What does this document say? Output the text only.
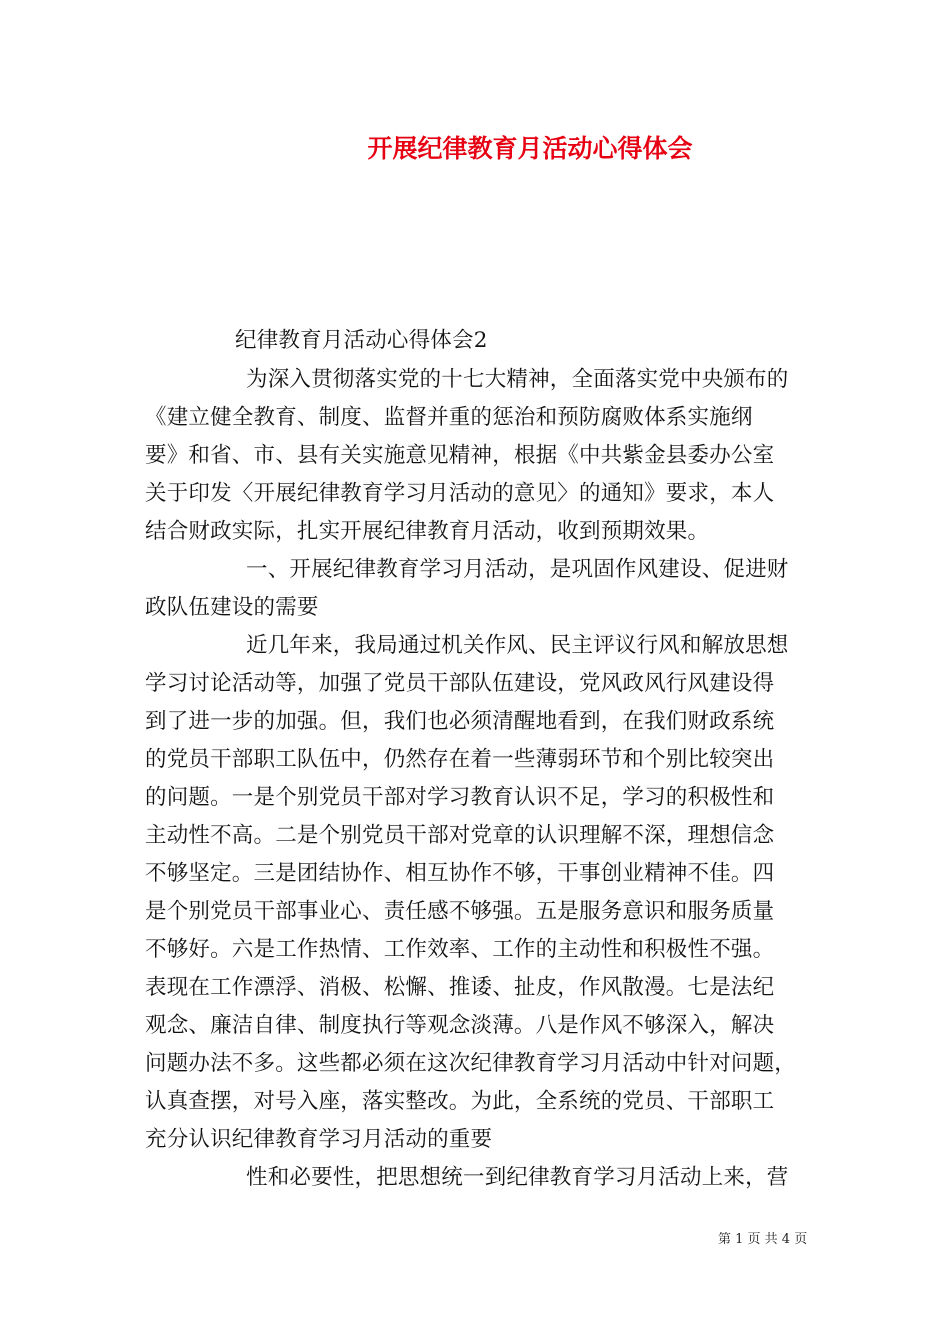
开展纪律教育月活动心得体会
纪律教育月活动心得体会2
为深入贯彻落实党的十七大精神，全面落实党中央颁布的
《建立健全教育、制度、监督并重的惩治和预防腐败体系实施纲
要》和省、市、县有关实施意见精神，根据《中共紫金县委办公室
关于印发〈开展纪律教育学习月活动的意见〉的通知》要求，本人
结合财政实际，扎实开展纪律教育月活动，收到预期效果。
一、开展纪律教育学习月活动，是巩固作风建设、促进财
政队伍建设的需要
近几年来，我局通过机关作风、民主评议行风和解放思想
学习讨论活动等，加强了党员干部队伍建设，党风政风行风建设得
到了进一步的加强。但，我们也必须清醒地看到，在我们财政系统
的党员干部职工队伍中，仍然存在着一些薄弱环节和个别比较突出
的问题。一是个别党员干部对学习教育认识不足，学习的积极性和
主动性不高。二是个别党员干部对党章的认识理解不深，理想信念
不够坚定。三是团结协作、相互协作不够，干事创业精神不佳。四
是个别党员干部事业心、责任感不够强。五是服务意识和服务质量
不够好。六是工作热情、工作效率、工作的主动性和积极性不强。
表现在工作漂浮、消极、松懈、推诿、扯皮，作风散漫。七是法纪
观念、廉洁自律、制度执行等观念淡薄。八是作风不够深入，解决
问题办法不多。这些都必须在这次纪律教育学习月活动中针对问题，
认真查摆，对号入座，落实整改。为此，全系统的党员、干部职工
充分认识纪律教育学习月活动的重要
性和必要性，把思想统一到纪律教育学习月活动上来，营
第 1 页 共 4 页
